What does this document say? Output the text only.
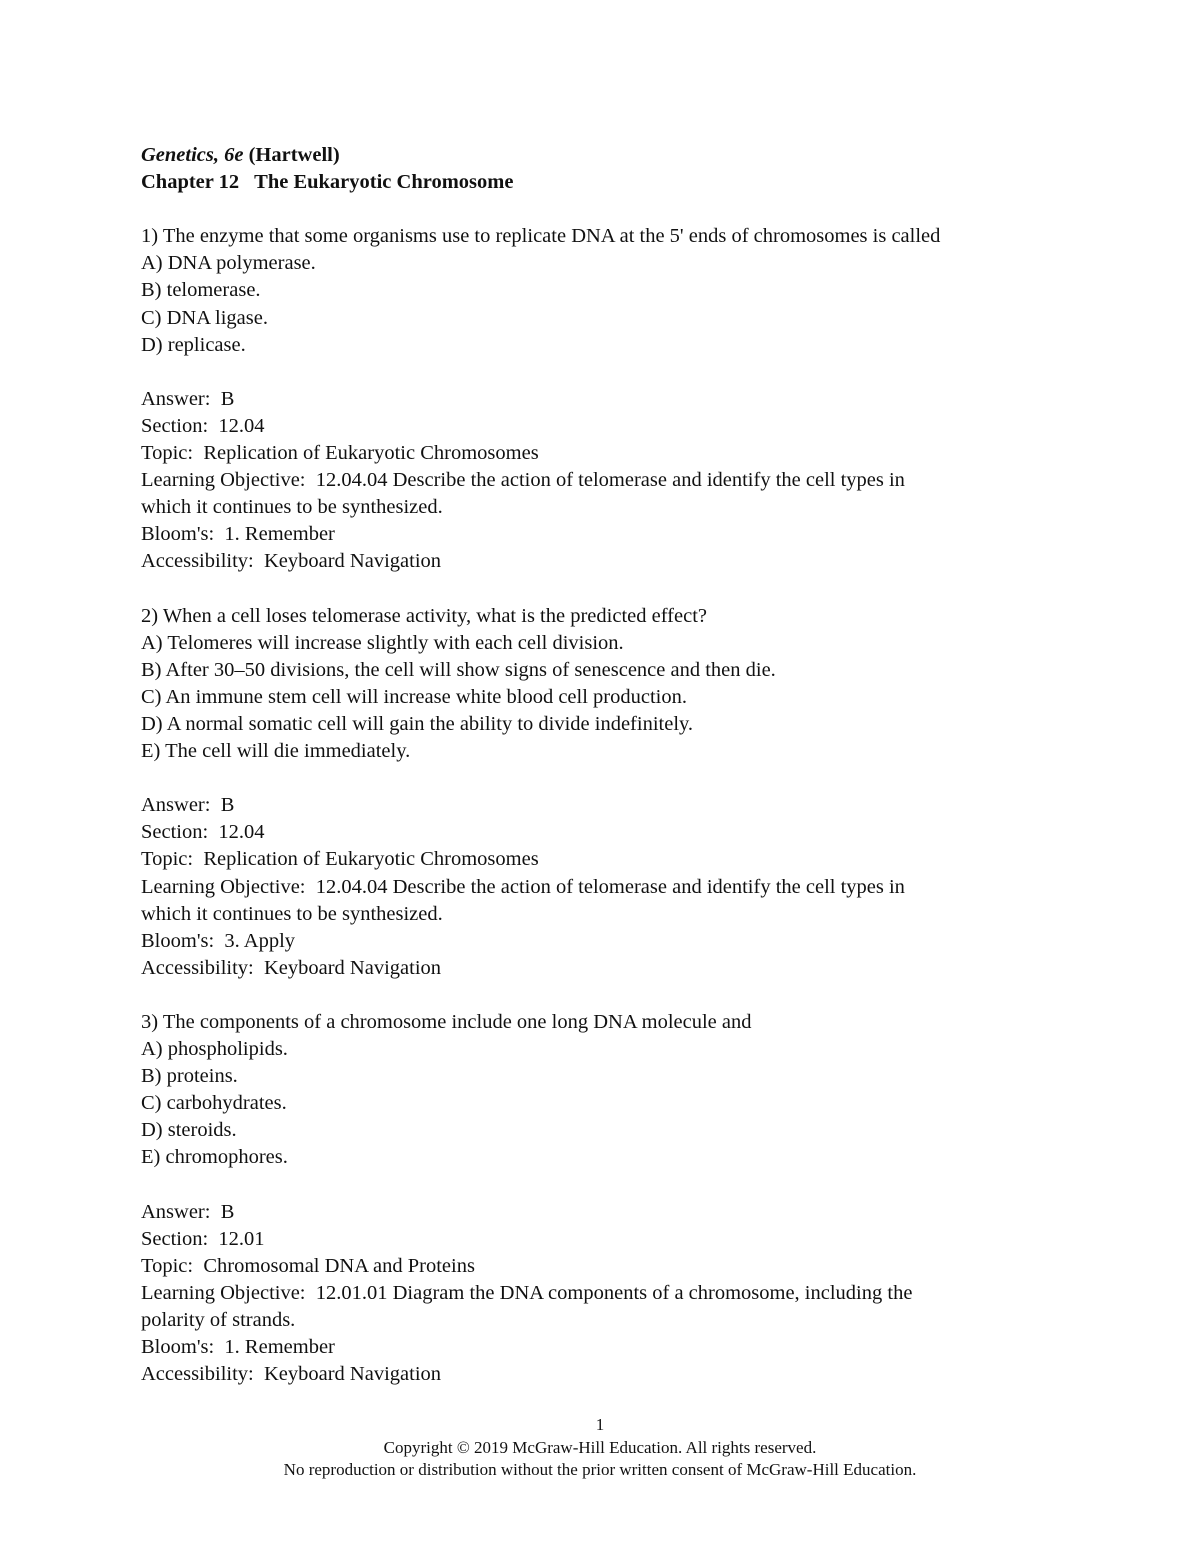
Genetics, 6e (Hartwell)
Chapter 12   The Eukaryotic Chromosome
1) The enzyme that some organisms use to replicate DNA at the 5' ends of chromosomes is called
A) DNA polymerase.
B) telomerase.
C) DNA ligase.
D) replicase.
Answer:  B
Section:  12.04
Topic:  Replication of Eukaryotic Chromosomes
Learning Objective:  12.04.04 Describe the action of telomerase and identify the cell types in
which it continues to be synthesized.
Bloom's:  1. Remember
Accessibility:  Keyboard Navigation
2) When a cell loses telomerase activity, what is the predicted effect?
A) Telomeres will increase slightly with each cell division.
B) After 30–50 divisions, the cell will show signs of senescence and then die.
C) An immune stem cell will increase white blood cell production.
D) A normal somatic cell will gain the ability to divide indefinitely.
E) The cell will die immediately.
Answer:  B
Section:  12.04
Topic:  Replication of Eukaryotic Chromosomes
Learning Objective:  12.04.04 Describe the action of telomerase and identify the cell types in
which it continues to be synthesized.
Bloom's:  3. Apply
Accessibility:  Keyboard Navigation
3) The components of a chromosome include one long DNA molecule and
A) phospholipids.
B) proteins.
C) carbohydrates.
D) steroids.
E) chromophores.
Answer:  B
Section:  12.01
Topic:  Chromosomal DNA and Proteins
Learning Objective:  12.01.01 Diagram the DNA components of a chromosome, including the
polarity of strands.
Bloom's:  1. Remember
Accessibility:  Keyboard Navigation
1
Copyright © 2019 McGraw-Hill Education. All rights reserved.
No reproduction or distribution without the prior written consent of McGraw-Hill Education.
